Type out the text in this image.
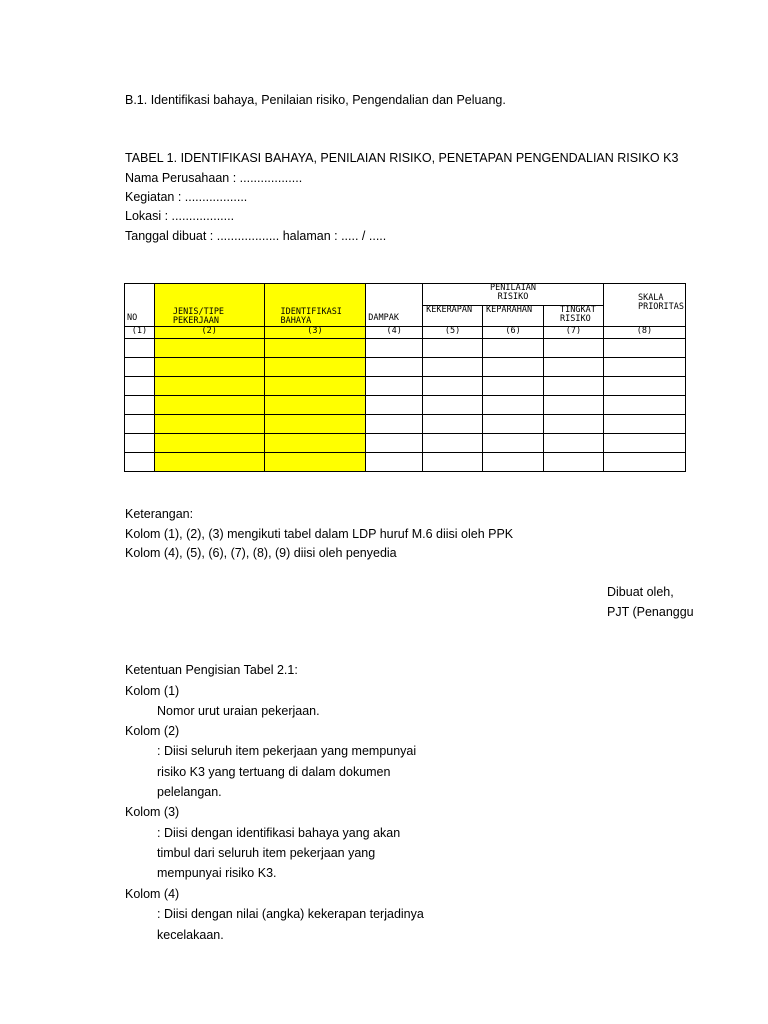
B.1. Identifikasi bahaya, Penilaian risiko, Pengendalian dan Peluang.
TABEL 1. IDENTIFIKASI BAHAYA, PENILAIAN RISIKO, PENETAPAN PENGENDALIAN RISIKO K3
Nama Perusahaan : ..................
Kegiatan : ..................
Lokasi : ..................
Tanggal dibuat : .................. halaman : ..... / .....
NO	JENIS/TIPE PEKERJAAN	IDENTIFIKASI BAHAYA	DAMPAK	PENILAIAN RISIKO			SKALA PRIORITAS

				KEKERAPAN	KEPARAHAN	TINGKAT RISIKO	

(1)	(2)	(3)	(4)	(5)	(6)	(7)	(8)

Keterangan:
Kolom (1), (2), (3) mengikuti tabel dalam LDP huruf M.6 diisi oleh PPK
Kolom (4), (5), (6), (7), (8), (9) diisi oleh penyedia
Dibuat oleh,
PJT (Penanggu
Ketentuan Pengisian Tabel 2.1:
Kolom (1)
Nomor urut uraian pekerjaan.
Kolom (2)
: Diisi seluruh item pekerjaan yang mempunyai
risiko K3 yang tertuang di dalam dokumen
pelelangan.
Kolom (3)
: Diisi dengan identifikasi bahaya yang akan
timbul dari seluruh item pekerjaan yang
mempunyai risiko K3.
Kolom (4)
: Diisi dengan nilai (angka) kekerapan terjadinya
kecelakaan.
